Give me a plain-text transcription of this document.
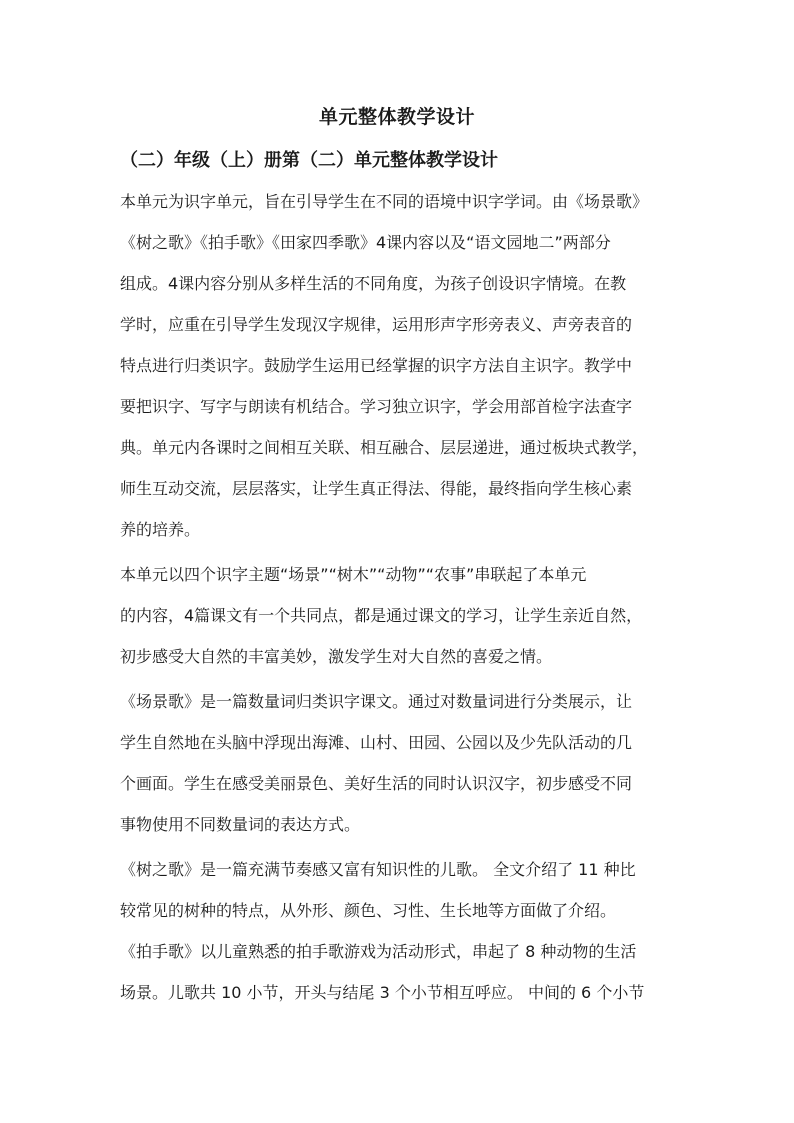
单元整体教学设计
（二）年级（上）册第（二）单元整体教学设计

本单元为识字单元，旨在引导学生在不同的语境中识字学词。由《场景歌》

《树之歌》《拍手歌》《田家四季歌》4课内容以及“语文园地二”两部分

组成。4课内容分别从多样生活的不同角度，为孩子创设识字情境。在教

学时，应重在引导学生发现汉字规律，运用形声字形旁表义、声旁表音的

特点进行归类识字。鼓励学生运用已经掌握的识字方法自主识字。教学中

要把识字、写字与朗读有机结合。学习独立识字，学会用部首检字法查字

典。单元内各课时之间相互关联、相互融合、层层递进，通过板块式教学，

师生互动交流，层层落实，让学生真正得法、得能，最终指向学生核心素

养的培养。

本单元以四个识字主题“场景”“树木”“动物”“农事”串联起了本单元

的内容，4篇课文有一个共同点，都是通过课文的学习，让学生亲近自然，

初步感受大自然的丰富美妙，激发学生对大自然的喜爱之情。

《场景歌》是一篇数量词归类识字课文。通过对数量词进行分类展示，让

学生自然地在头脑中浮现出海滩、山村、田园、公园以及少先队活动的几

个画面。学生在感受美丽景色、美好生活的同时认识汉字，初步感受不同

事物使用不同数量词的表达方式。

《树之歌》是一篇充满节奏感又富有知识性的儿歌。 全文介绍了 11 种比

较常见的树种的特点，从外形、颜色、习性、生长地等方面做了介绍。

《拍手歌》以儿童熟悉的拍手歌游戏为活动形式，串起了 8 种动物的生活

场景。儿歌共 10 小节，开头与结尾 3 个小节相互呼应。 中间的 6 个小节
